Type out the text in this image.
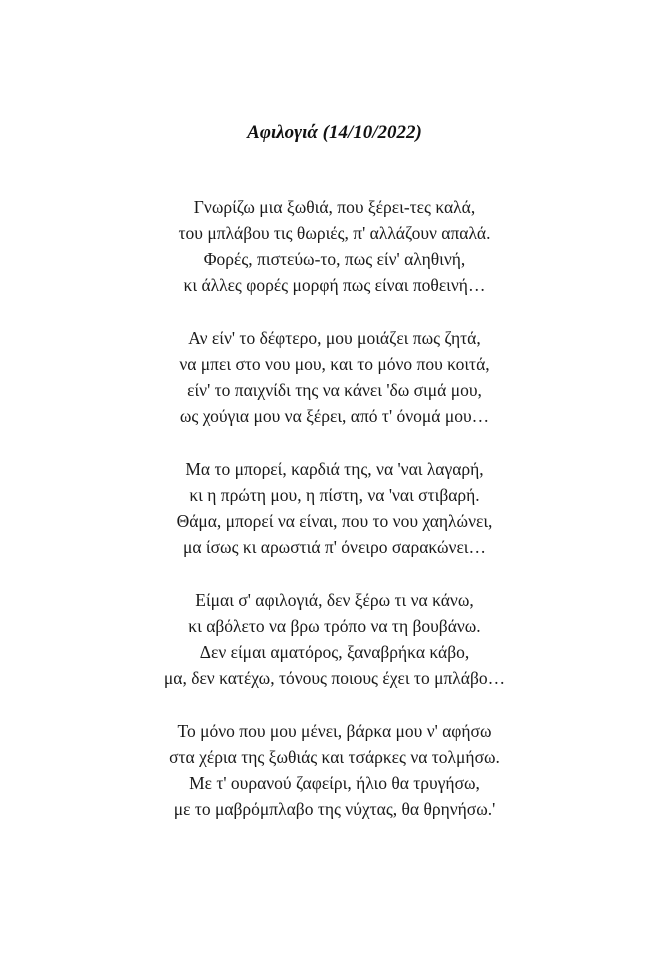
Αφιλογιά (14/10/2022)
Γνωρίζω μια ξωθιά, που ξέρει-τες καλά,
του μπλάβου τις θωριές, π' αλλάζουν απαλά.
Φορές, πιστεύω-το, πως είν' αληθινή,
κι άλλες φορές μορφή πως είναι ποθεινή…
Αν είν' το δέφτερο, μου μοιάζει πως ζητά,
να μπει στο νου μου, και το μόνο που κοιτά,
είν' το παιχνίδι της να κάνει 'δω σιμά μου,
ως χούγια μου να ξέρει, από τ' όνομά μου…
Μα το μπορεί, καρδιά της, να 'ναι λαγαρή,
κι η πρώτη μου, η πίστη, να 'ναι στιβαρή.
Θάμα, μπορεί να είναι, που το νου χαηλώνει,
μα ίσως κι αρωστιά π' όνειρο σαρακώνει…
Είμαι σ' αφιλογιά, δεν ξέρω τι να κάνω,
κι αβόλετο να βρω τρόπο να τη βουβάνω.
Δεν είμαι αματόρος, ξαναβρήκα κάβο,
μα, δεν κατέχω, τόνους ποιους έχει το μπλάβο…
Το μόνο που μου μένει, βάρκα μου ν' αφήσω
στα χέρια της ξωθιάς και τσάρκες να τολμήσω.
Με τ' ουρανού ζαφείρι, ήλιο θα τρυγήσω,
με το μαβρόμπλαβο της νύχτας, θα θρηνήσω.'
